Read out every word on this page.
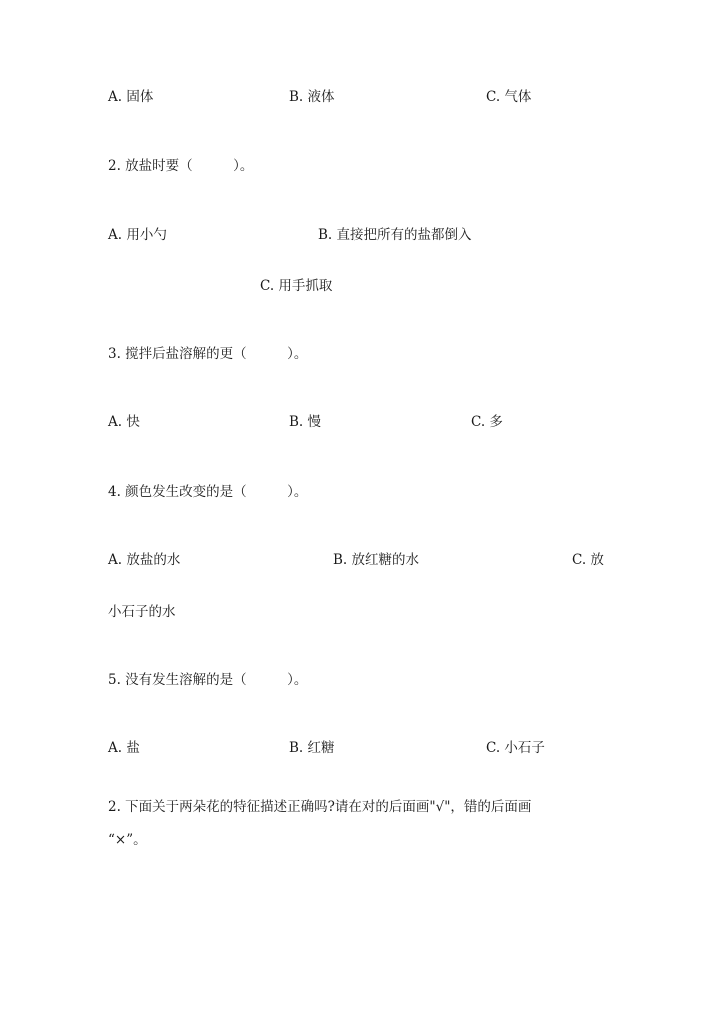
A. 固体	B. 液体	C. 气体
2. 放盐时要（　　　）。
A. 用小勺	B. 直接把所有的盐都倒入
C. 用手抓取
3. 搅拌后盐溶解的更（　　　）。
A. 快	B. 慢	C. 多
4. 颜色发生改变的是（　　　）。
A. 放盐的水	B. 放红糖的水	C. 放
小石子的水
5. 没有发生溶解的是（　　　）。
A. 盐	B. 红糖	C. 小石子
2. 下面关于两朵花的特征描述正确吗?请在对的后面画"√"，错的后面画
“×”。
